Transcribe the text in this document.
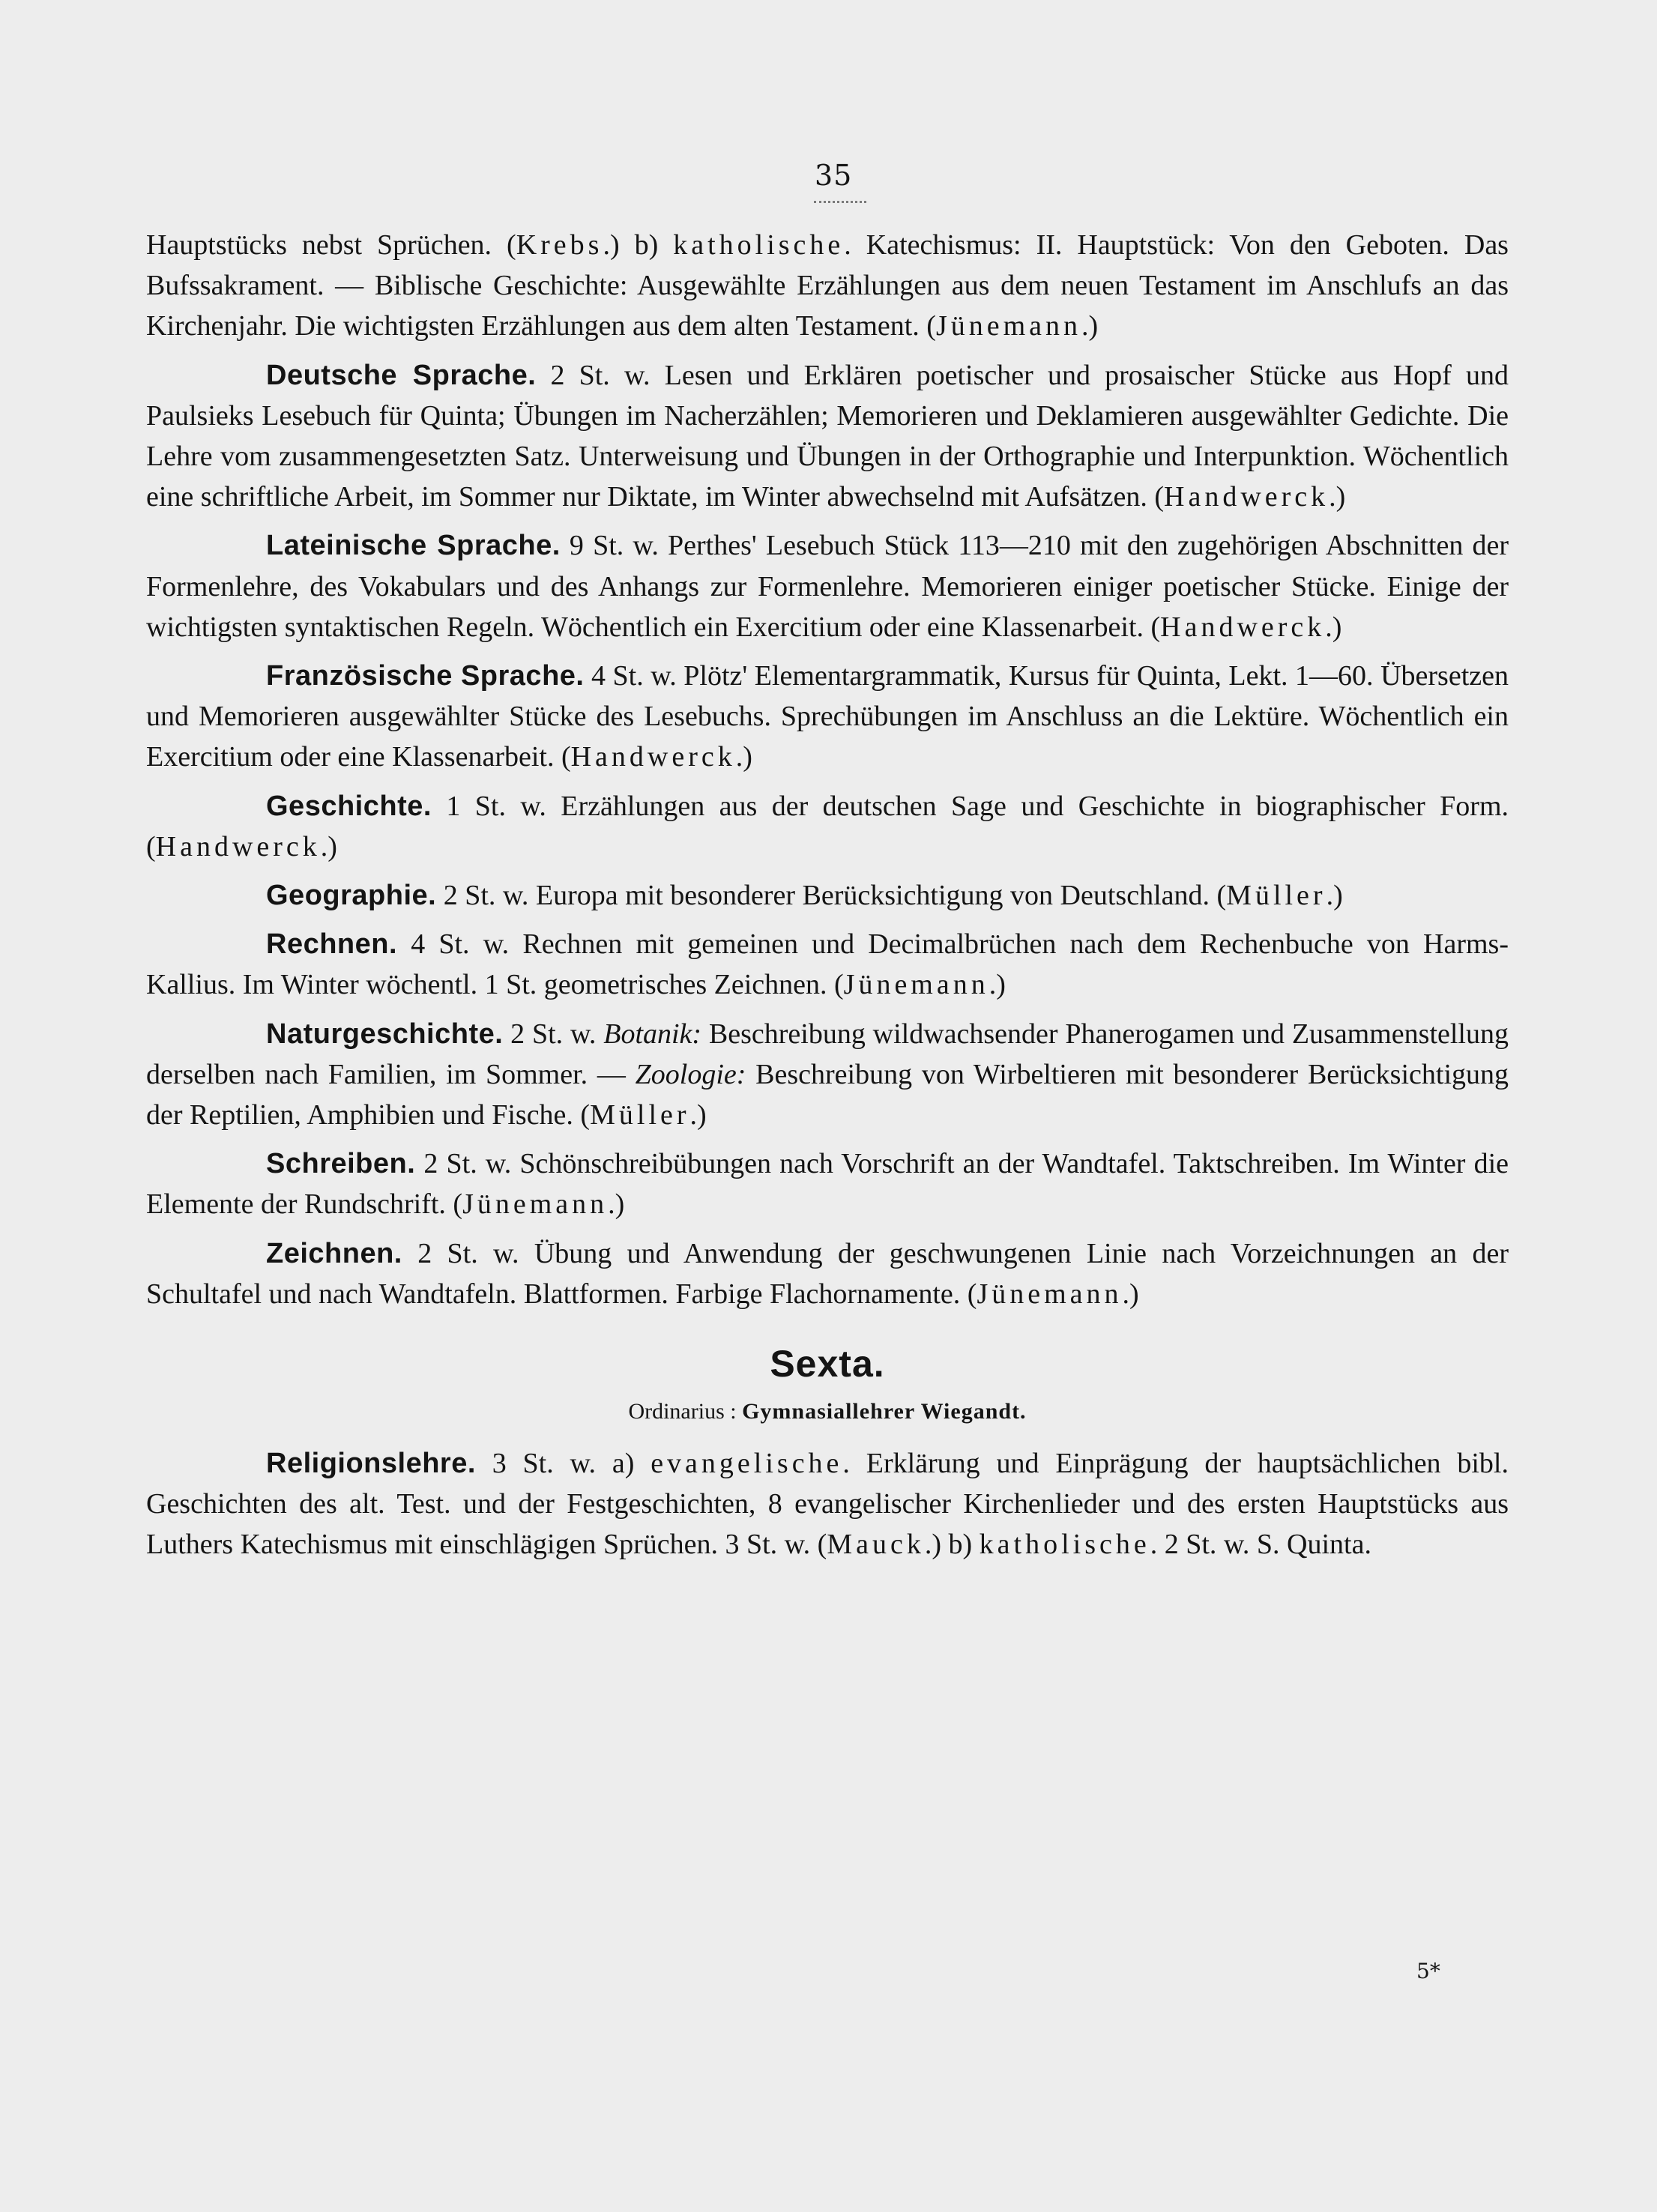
35

Hauptstücks nebst Sprüchen. (Krebs.) b) katholische. Katechismus: II. Hauptstück: Von den Geboten. Das Bufssakrament. — Biblische Geschichte: Ausgewählte Erzählungen aus dem neuen Testament im Anschlufs an das Kirchenjahr. Die wichtigsten Erzählungen aus dem alten Testament. (Jünemann.)

Deutsche Sprache. 2 St. w. Lesen und Erklären poetischer und prosaischer Stücke aus Hopf und Paulsieks Lesebuch für Quinta; Übungen im Nacherzählen; Memorieren und Deklamieren ausgewählter Gedichte. Die Lehre vom zusammengesetzten Satz. Unterweisung und Übungen in der Orthographie und Interpunktion. Wöchentlich eine schriftliche Arbeit, im Sommer nur Diktate, im Winter abwechselnd mit Aufsätzen. (Handwerck.)

Lateinische Sprache. 9 St. w. Perthes' Lesebuch Stück 113—210 mit den zugehörigen Abschnitten der Formenlehre, des Vokabulars und des Anhangs zur Formenlehre. Memorieren einiger poetischer Stücke. Einige der wichtigsten syntaktischen Regeln. Wöchentlich ein Exercitium oder eine Klassenarbeit. (Handwerck.)

Französische Sprache. 4 St. w. Plötz' Elementargrammatik, Kursus für Quinta, Lekt. 1—60. Übersetzen und Memorieren ausgewählter Stücke des Lesebuchs. Sprechübungen im Anschluss an die Lektüre. Wöchentlich ein Exercitium oder eine Klassenarbeit. (Handwerck.)

Geschichte. 1 St. w. Erzählungen aus der deutschen Sage und Geschichte in biographischer Form. (Handwerck.)

Geographie. 2 St. w. Europa mit besonderer Berücksichtigung von Deutschland. (Müller.)

Rechnen. 4 St. w. Rechnen mit gemeinen und Decimalbrüchen nach dem Rechenbuche von Harms-Kallius. Im Winter wöchentl. 1 St. geometrisches Zeichnen. (Jünemann.)

Naturgeschichte. 2 St. w. Botanik: Beschreibung wildwachsender Phanerogamen und Zusammenstellung derselben nach Familien, im Sommer. — Zoologie: Beschreibung von Wirbeltieren mit besonderer Berücksichtigung der Reptilien, Amphibien und Fische. (Müller.)

Schreiben. 2 St. w. Schönschreibübungen nach Vorschrift an der Wandtafel. Taktschreiben. Im Winter die Elemente der Rundschrift. (Jünemann.)

Zeichnen. 2 St. w. Übung und Anwendung der geschwungenen Linie nach Vorzeichnungen an der Schultafel und nach Wandtafeln. Blattformen. Farbige Flachornamente. (Jünemann.)

Sexta.
Ordinarius : Gymnasiallehrer Wiegandt.

Religionslehre. 3 St. w. a) evangelische. Erklärung und Einprägung der hauptsächlichen bibl. Geschichten des alt. Test. und der Festgeschichten, 8 evangelischer Kirchenlieder und des ersten Hauptstücks aus Luthers Katechismus mit einschlägigen Sprüchen. 3 St. w. (Mauck.) b) katholische. 2 St. w. S. Quinta.

5*
